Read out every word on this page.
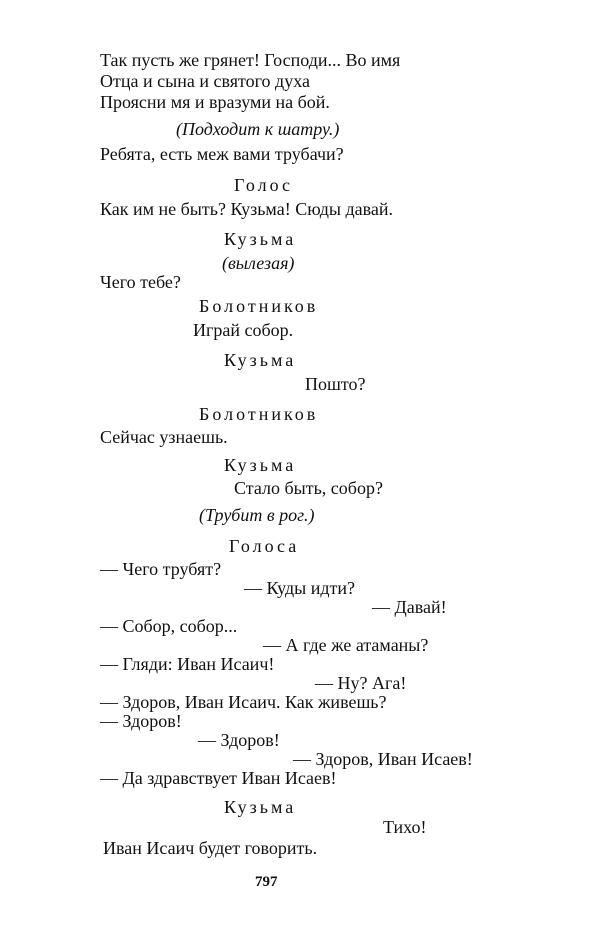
Так пусть же грянет! Господи... Во имя
Отца и сына и святого духа
Проясни мя и вразуми на бой.
(Подходит к шатру.)
Ребята, есть меж вами трубачи?
Голос
Как им не быть? Кузьма! Сюды давай.
Кузьма
(вылезая)
Чего тебе?
Болотников
Играй собор.
Кузьма
Пошто?
Болотников
Сейчас узнаешь.
Кузьма
Стало быть, собор?
(Трубит в рог.)
Голоса
— Чего трубят?
— Куды идти?
— Давай!
— Собор, собор...
— А где же атаманы?
— Гляди: Иван Исаич!
— Ну? Ага!
— Здоров, Иван Исаич. Как живешь?
— Здоров!
— Здоров!
— Здоров, Иван Исаев!
— Да здравствует Иван Исаев!
Кузьма
Тихо!
Иван Исаич будет говорить.
797
